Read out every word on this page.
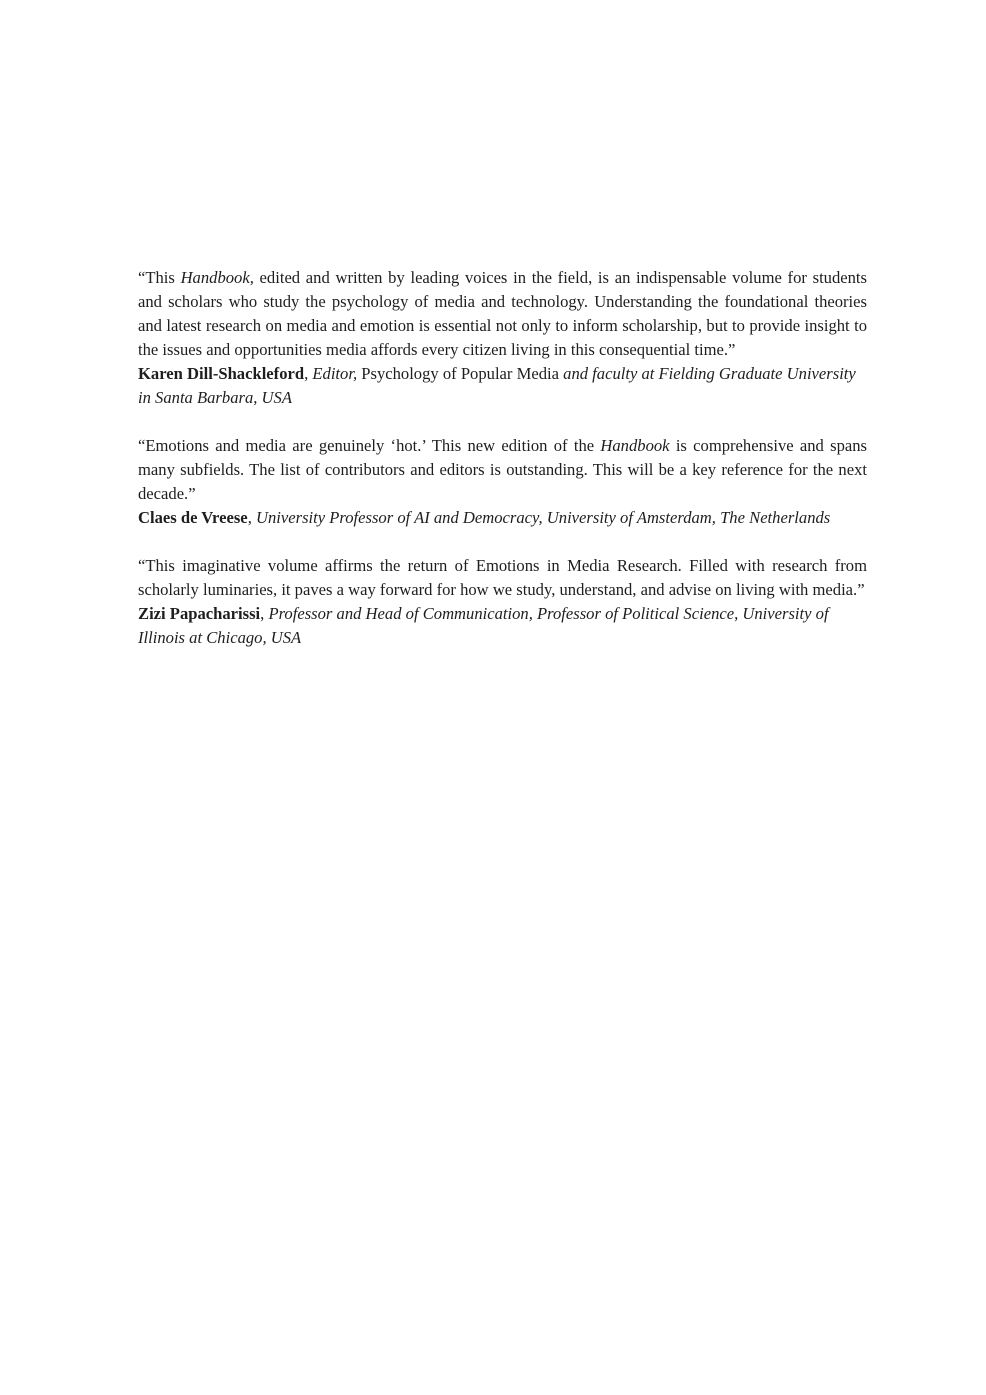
“This Handbook, edited and written by leading voices in the field, is an indispensable volume for students and scholars who study the psychology of media and technology. Understanding the foundational theories and latest research on media and emotion is essential not only to inform scholarship, but to provide insight to the issues and opportunities media affords every citizen living in this consequential time.”

Karen Dill-Shackleford, Editor, Psychology of Popular Media and faculty at Fielding Graduate University in Santa Barbara, USA

“Emotions and media are genuinely ‘hot.’ This new edition of the Handbook is comprehensive and spans many subfields. The list of contributors and editors is outstanding. This will be a key reference for the next decade.”

Claes de Vreese, University Professor of AI and Democracy, University of Amsterdam, The Netherlands

“This imaginative volume affirms the return of Emotions in Media Research. Filled with research from scholarly luminaries, it paves a way forward for how we study, understand, and advise on living with media.”

Zizi Papacharissi, Professor and Head of Communication, Professor of Political Science, University of Illinois at Chicago, USA
